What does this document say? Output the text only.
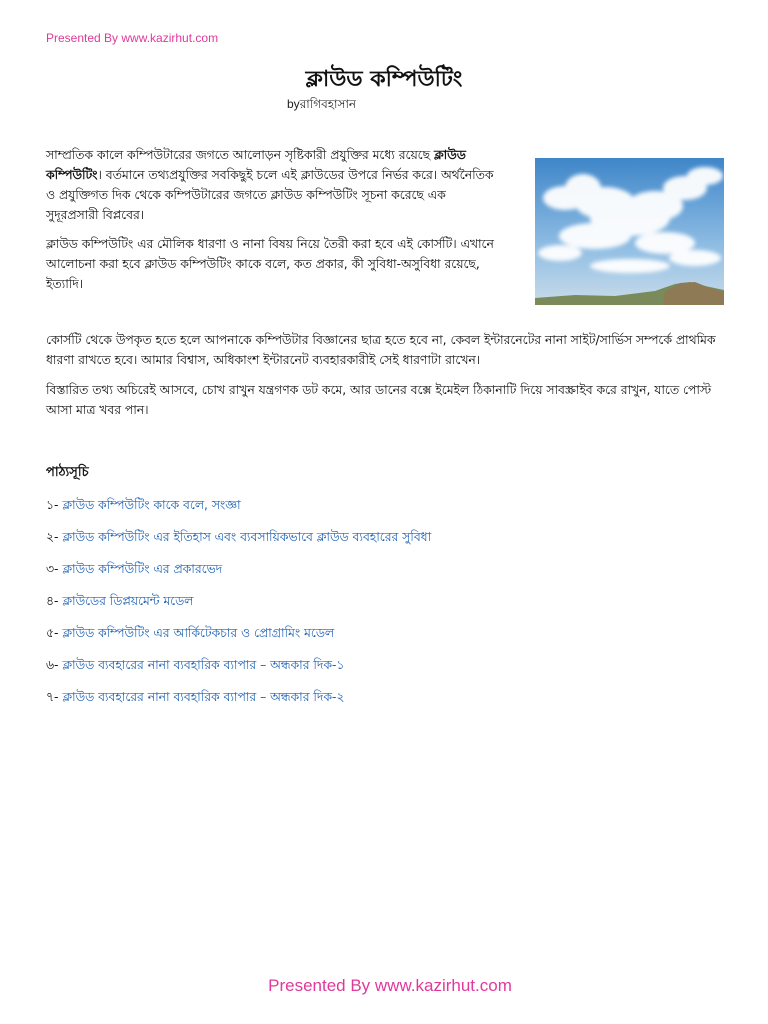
Presented By www.kazirhut.com
ক্লাউড কম্পিউটিং
byরাগিবহাসান

সাম্প্রতিক কালে কম্পিউটারের জগতে আলোড়ন সৃষ্টিকারী প্রযুক্তির মধ্যে রয়েছে ক্লাউড কম্পিউটিং। বর্তমানে তথ্যপ্রযুক্তির সবকিছুই চলে এই ক্লাউডের উপরে নির্ভর করে। অর্থনৈতিক ও প্রযুক্তিগত দিক থেকে কম্পিউটারের জগতে ক্লাউড কম্পিউটিং সূচনা করেছে এক সুদূরপ্রসারী বিপ্লবের।

ক্লাউড কম্পিউটিং এর মৌলিক ধারণা ও নানা বিষয় নিয়ে তৈরী করা হবে এই কোর্সটি। এখানে আলোচনা করা হবে ক্লাউড কম্পিউটিং কাকে বলে, কত প্রকার, কী সুবিধা-অসুবিধা রয়েছে, ইত্যাদি।

কোর্সটি থেকে উপকৃত হতে হলে আপনাকে কম্পিউটার বিজ্ঞানের ছাত্র হতে হবে না, কেবল ইন্টারনেটের নানা সাইট/সার্ভিস সম্পর্কে প্রাথমিক ধারণা রাখতে হবে। আমার বিশ্বাস, অধিকাংশ ইন্টারনেট ব্যবহারকারীই সেই ধারণাটা রাখেন।

বিস্তারিত তথ্য অচিরেই আসবে, চোখ রাখুন যন্ত্রগণক ডট কমে, আর ডানের বক্সে ইমেইল ঠিকানাটি দিয়ে সাবস্ক্রাইব করে রাখুন, যাতে পোস্ট আসা মাত্র খবর পান।

পাঠ্যসূচি
১- ক্লাউড কম্পিউটিং কাকে বলে, সংজ্ঞা
২- ক্লাউড কম্পিউটিং এর ইতিহাস এবং ব্যবসায়িকভাবে ক্লাউড ব্যবহারের সুবিধা
৩- ক্লাউড কম্পিউটিং এর প্রকারভেদ
৪- ক্লাউডের ডিপ্লয়মেন্ট মডেল
৫- ক্লাউড কম্পিউটিং এর আর্কিটেকচার ও প্রোগ্রামিং মডেল
৬- ক্লাউড ব্যবহারের নানা ব্যবহারিক ব্যাপার – অন্ধকার দিক-১
৭- ক্লাউড ব্যবহারের নানা ব্যবহারিক ব্যাপার – অন্ধকার দিক-২
Presented By www.kazirhut.com
